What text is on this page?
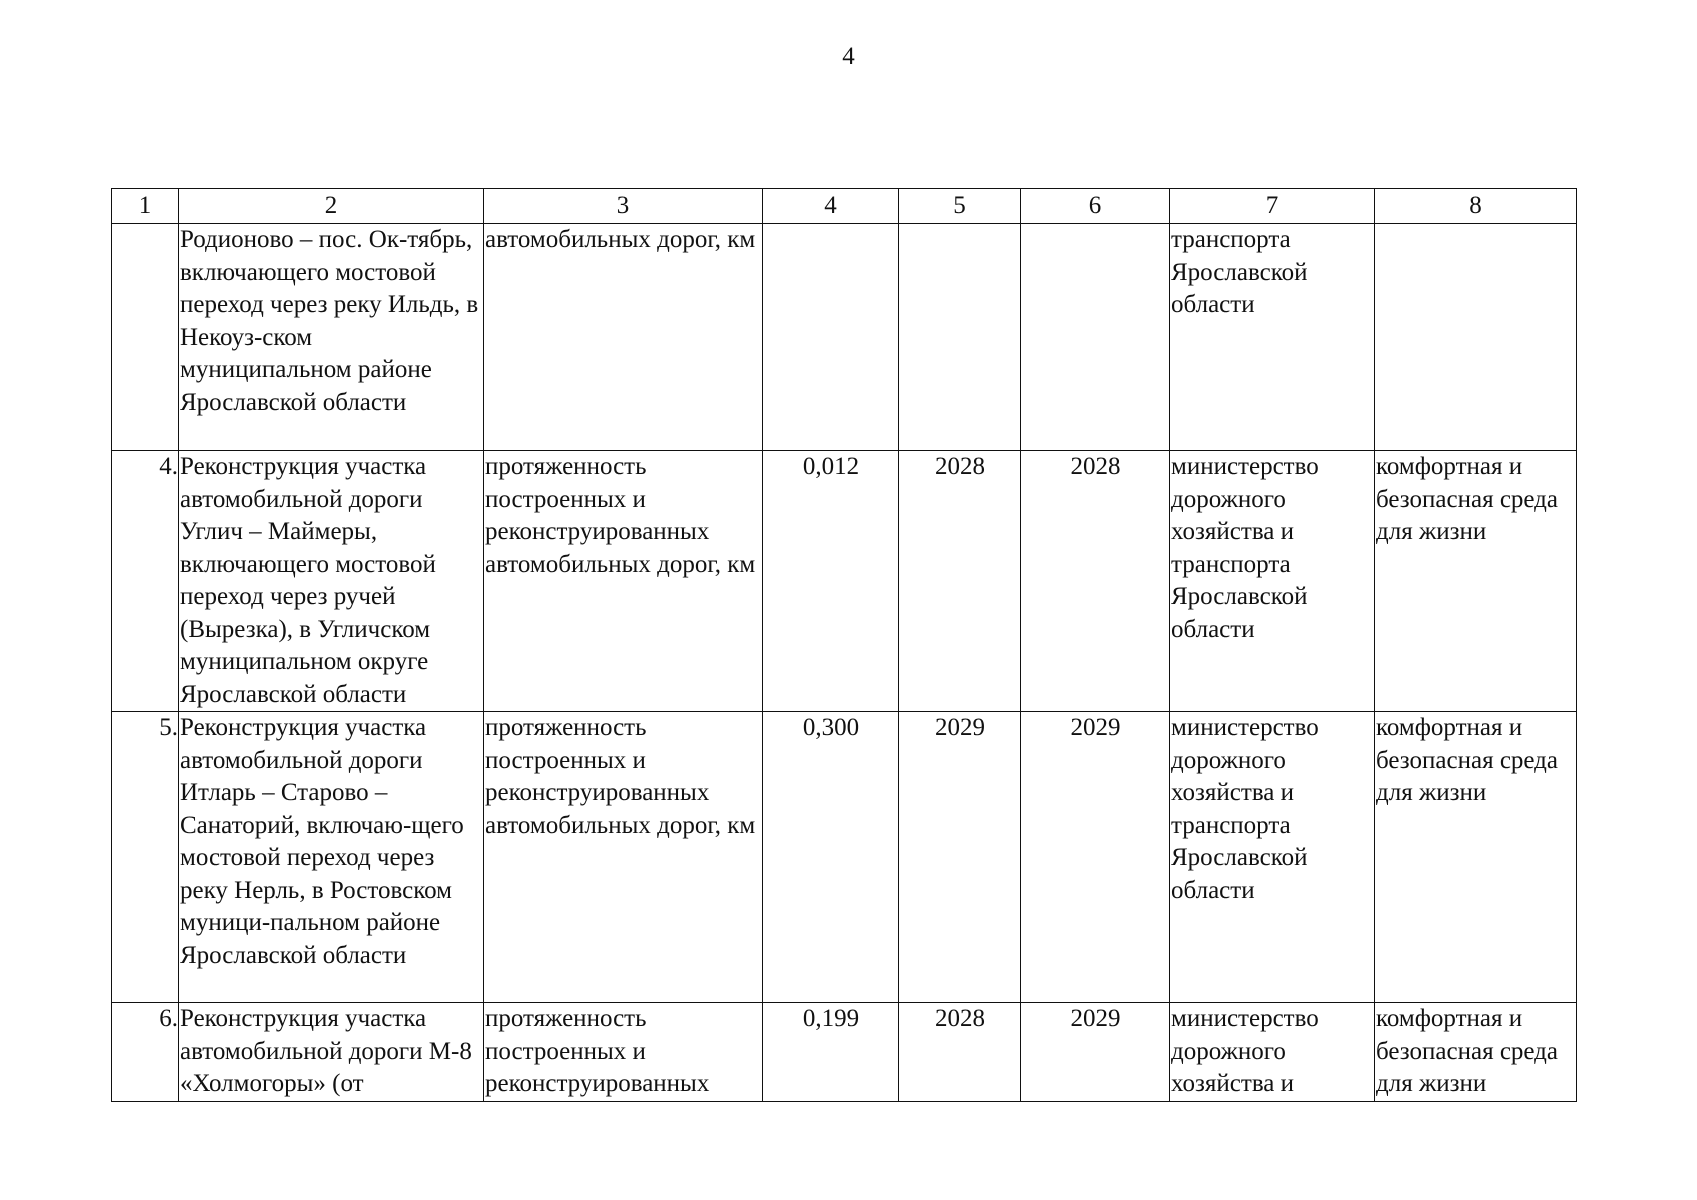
4
1	2	3	4	5	6	7	8
	Родионово – пос. Ок-тябрь, включающего мостовой переход через реку Ильдь, в Некоуз-ском муниципальном районе Ярославской области	автомобильных дорог, км				транспорта Ярославской области	
4.	Реконструкция участка автомобильной дороги Углич – Маймеры, включающего мостовой переход через ручей (Вырезка), в Угличском муниципальном округе Ярославской области	протяженность построенных и реконструированных автомобильных дорог, км	0,012	2028	2028	министерство дорожного хозяйства и транспорта Ярославской области	комфортная и безопасная среда для жизни
5.	Реконструкция участка автомобильной дороги Итларь – Старово – Санаторий, включаю-щего мостовой переход через реку Нерль, в Ростовском муници-пальном районе Ярославской области	протяженность построенных и реконструированных автомобильных дорог, км	0,300	2029	2029	министерство дорожного хозяйства и транспорта Ярославской области	комфортная и безопасная среда для жизни
6.	Реконструкция участка автомобильной дороги М-8 «Холмогоры» (от	протяженность построенных и реконструированных	0,199	2028	2029	министерство дорожного хозяйства и	комфортная и безопасная среда для жизни
